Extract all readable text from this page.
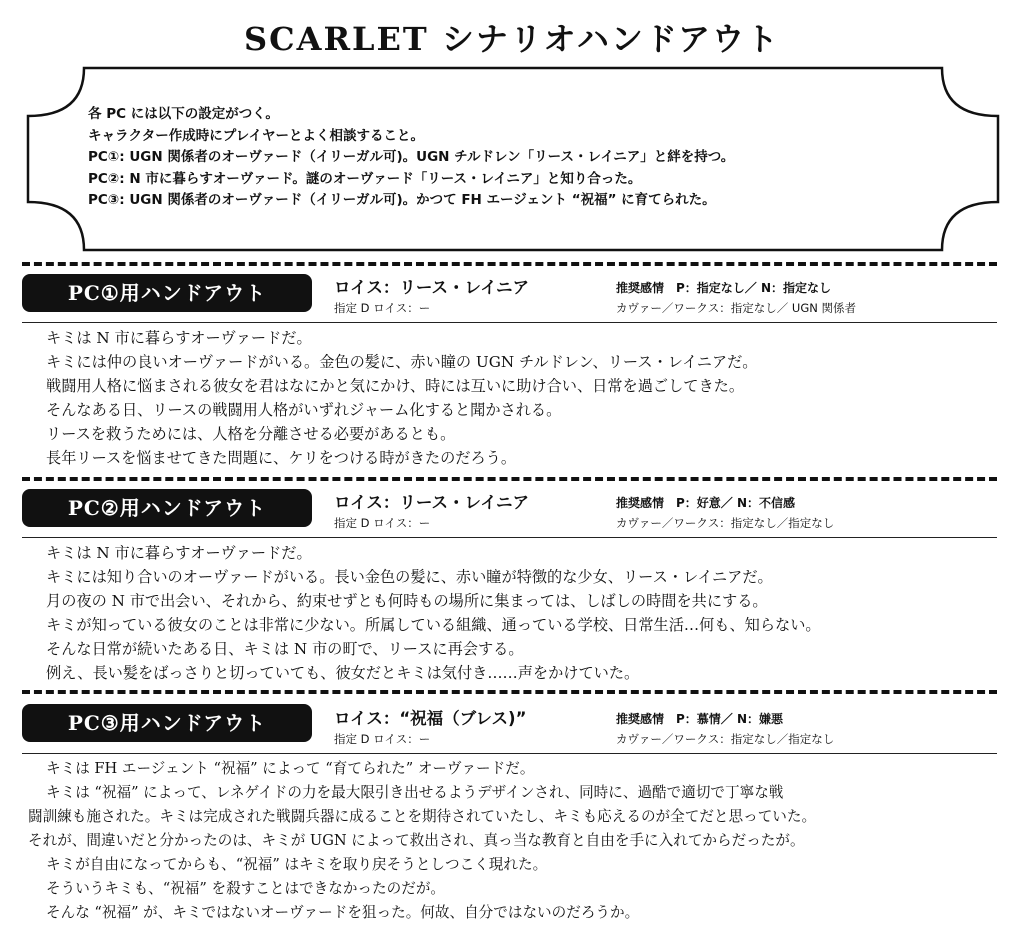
SCARLET シナリオハンドアウト
各 PC には以下の設定がつく。
キャラクター作成時にプレイヤーとよく相談すること。
PC①: UGN 関係者のオーヴァード（イリーガル可)。UGN チルドレン「リース・レイニア」と絆を持つ。
PC②: N 市に暮らすオーヴァード。謎のオーヴァード「リース・レイニア」と知り合った。
PC③: UGN 関係者のオーヴァード（イリーガル可)。かつて FH エージェント “祝福” に育てられた。
PC①用ハンドアウト	ロイス：リース・レイニア
指定 D ロイス：ー
推奨感情　P：指定なし／ N：指定なし
カヴァー／ワークス：指定なし／ UGN 関係者
キミは N 市に暮らすオーヴァードだ。
キミには仲の良いオーヴァードがいる。金色の髪に、赤い瞳の UGN チルドレン、リース・レイニアだ。
戦闘用人格に悩まされる彼女を君はなにかと気にかけ、時には互いに助け合い、日常を過ごしてきた。
そんなある日、リースの戦闘用人格がいずれジャーム化すると聞かされる。
リースを救うためには、人格を分離させる必要があるとも。
長年リースを悩ませてきた問題に、ケリをつける時がきたのだろう。
PC②用ハンドアウト	ロイス：リース・レイニア
指定 D ロイス：ー
推奨感情　P：好意／ N：不信感
カヴァー／ワークス：指定なし／指定なし
キミは N 市に暮らすオーヴァードだ。
キミには知り合いのオーヴァードがいる。長い金色の髪に、赤い瞳が特徴的な少女、リース・レイニアだ。
月の夜の N 市で出会い、それから、約束せずとも何時もの場所に集まっては、しばしの時間を共にする。
キミが知っている彼女のことは非常に少ない。所属している組織、通っている学校、日常生活…何も、知らない。
そんな日常が続いたある日、キミは N 市の町で、リースに再会する。
例え、長い髪をばっさりと切っていても、彼女だとキミは気付き……声をかけていた。
PC③用ハンドアウト	ロイス：“祝福（ブレス)”
指定 D ロイス：ー
推奨感情　P：慕情／ N：嫌悪
カヴァー／ワークス：指定なし／指定なし
キミは FH エージェント “祝福” によって “育てられた” オーヴァードだ。
キミは “祝福” によって、レネゲイドの力を最大限引き出せるようデザインされ、同時に、過酷で適切で丁寧な戦
闘訓練も施された。キミは完成された戦闘兵器に成ることを期待されていたし、キミも応えるのが全てだと思っていた。
それが、間違いだと分かったのは、キミが UGN によって救出され、真っ当な教育と自由を手に入れてからだったが。
キミが自由になってからも、“祝福” はキミを取り戻そうとしつこく現れた。
そういうキミも、“祝福” を殺すことはできなかったのだが。
そんな “祝福” が、キミではないオーヴァードを狙った。何故、自分ではないのだろうか。
